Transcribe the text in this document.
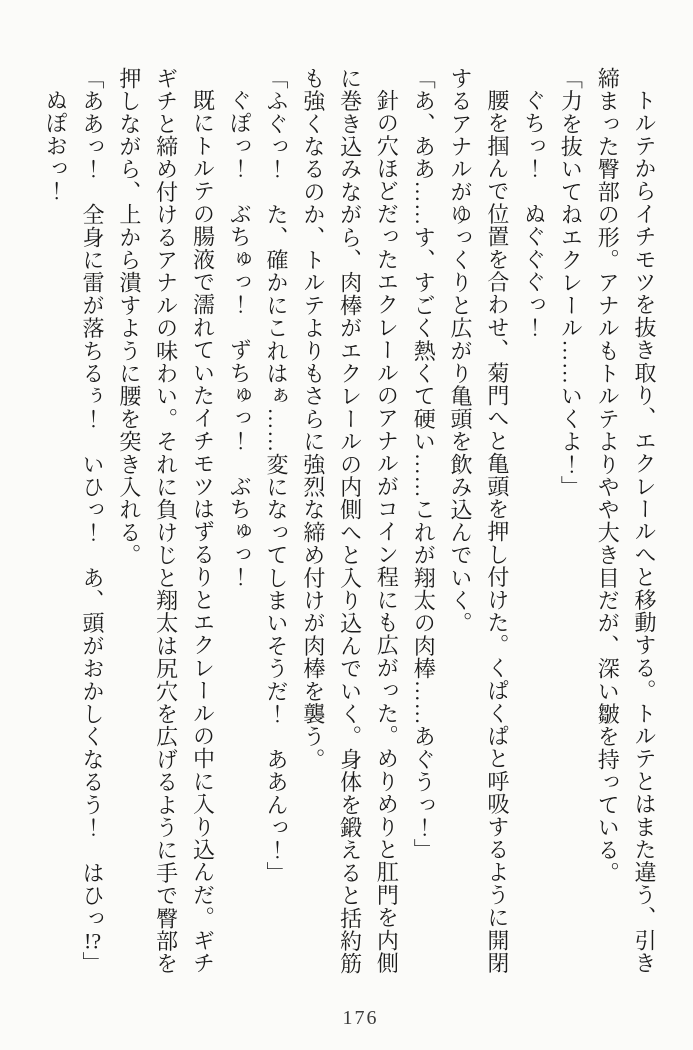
トルテからイチモツを抜き取り、エクレールへと移動する。トルテとはまた違う、引き締まった臀部の形。アナルもトルテよりやや大き目だが、深い皺を持っている。

「力を抜いてねエクレール……いくよ！」

ぐちっ！　ぬぐぐぐっ！

腰を掴んで位置を合わせ、菊門へと亀頭を押し付けた。くぱくぱと呼吸するように開閉するアナルがゆっくりと広がり亀頭を飲み込んでいく。

「あ、ああ……す、すごく熱くて硬い……これが翔太の肉棒……あぐうっ！」

針の穴ほどだったエクレールのアナルがコイン程にも広がった。めりめりと肛門を内側に巻き込みながら、肉棒がエクレールの内側へと入り込んでいく。身体を鍛えると括約筋も強くなるのか、トルテよりもさらに強烈な締め付けが肉棒を襲う。

「ふぐっ！　た、確かにこれはぁ……変になってしまいそうだ！　ああんっ！」

ぐぽっ！　ぶちゅっ！　ずちゅっ！　ぶちゅっ！

既にトルテの腸液で濡れていたイチモツはずるりとエクレールの中に入り込んだ。ギチギチと締め付けるアナルの味わい。それに負けじと翔太は尻穴を広げるように手で臀部を押しながら、上から潰すように腰を突き入れる。

「ああっ！　全身に雷が落ちるぅ！　いひっ！　あ、頭がおかしくなるう！　はひっ!?」

ぬぽおっ！

176
